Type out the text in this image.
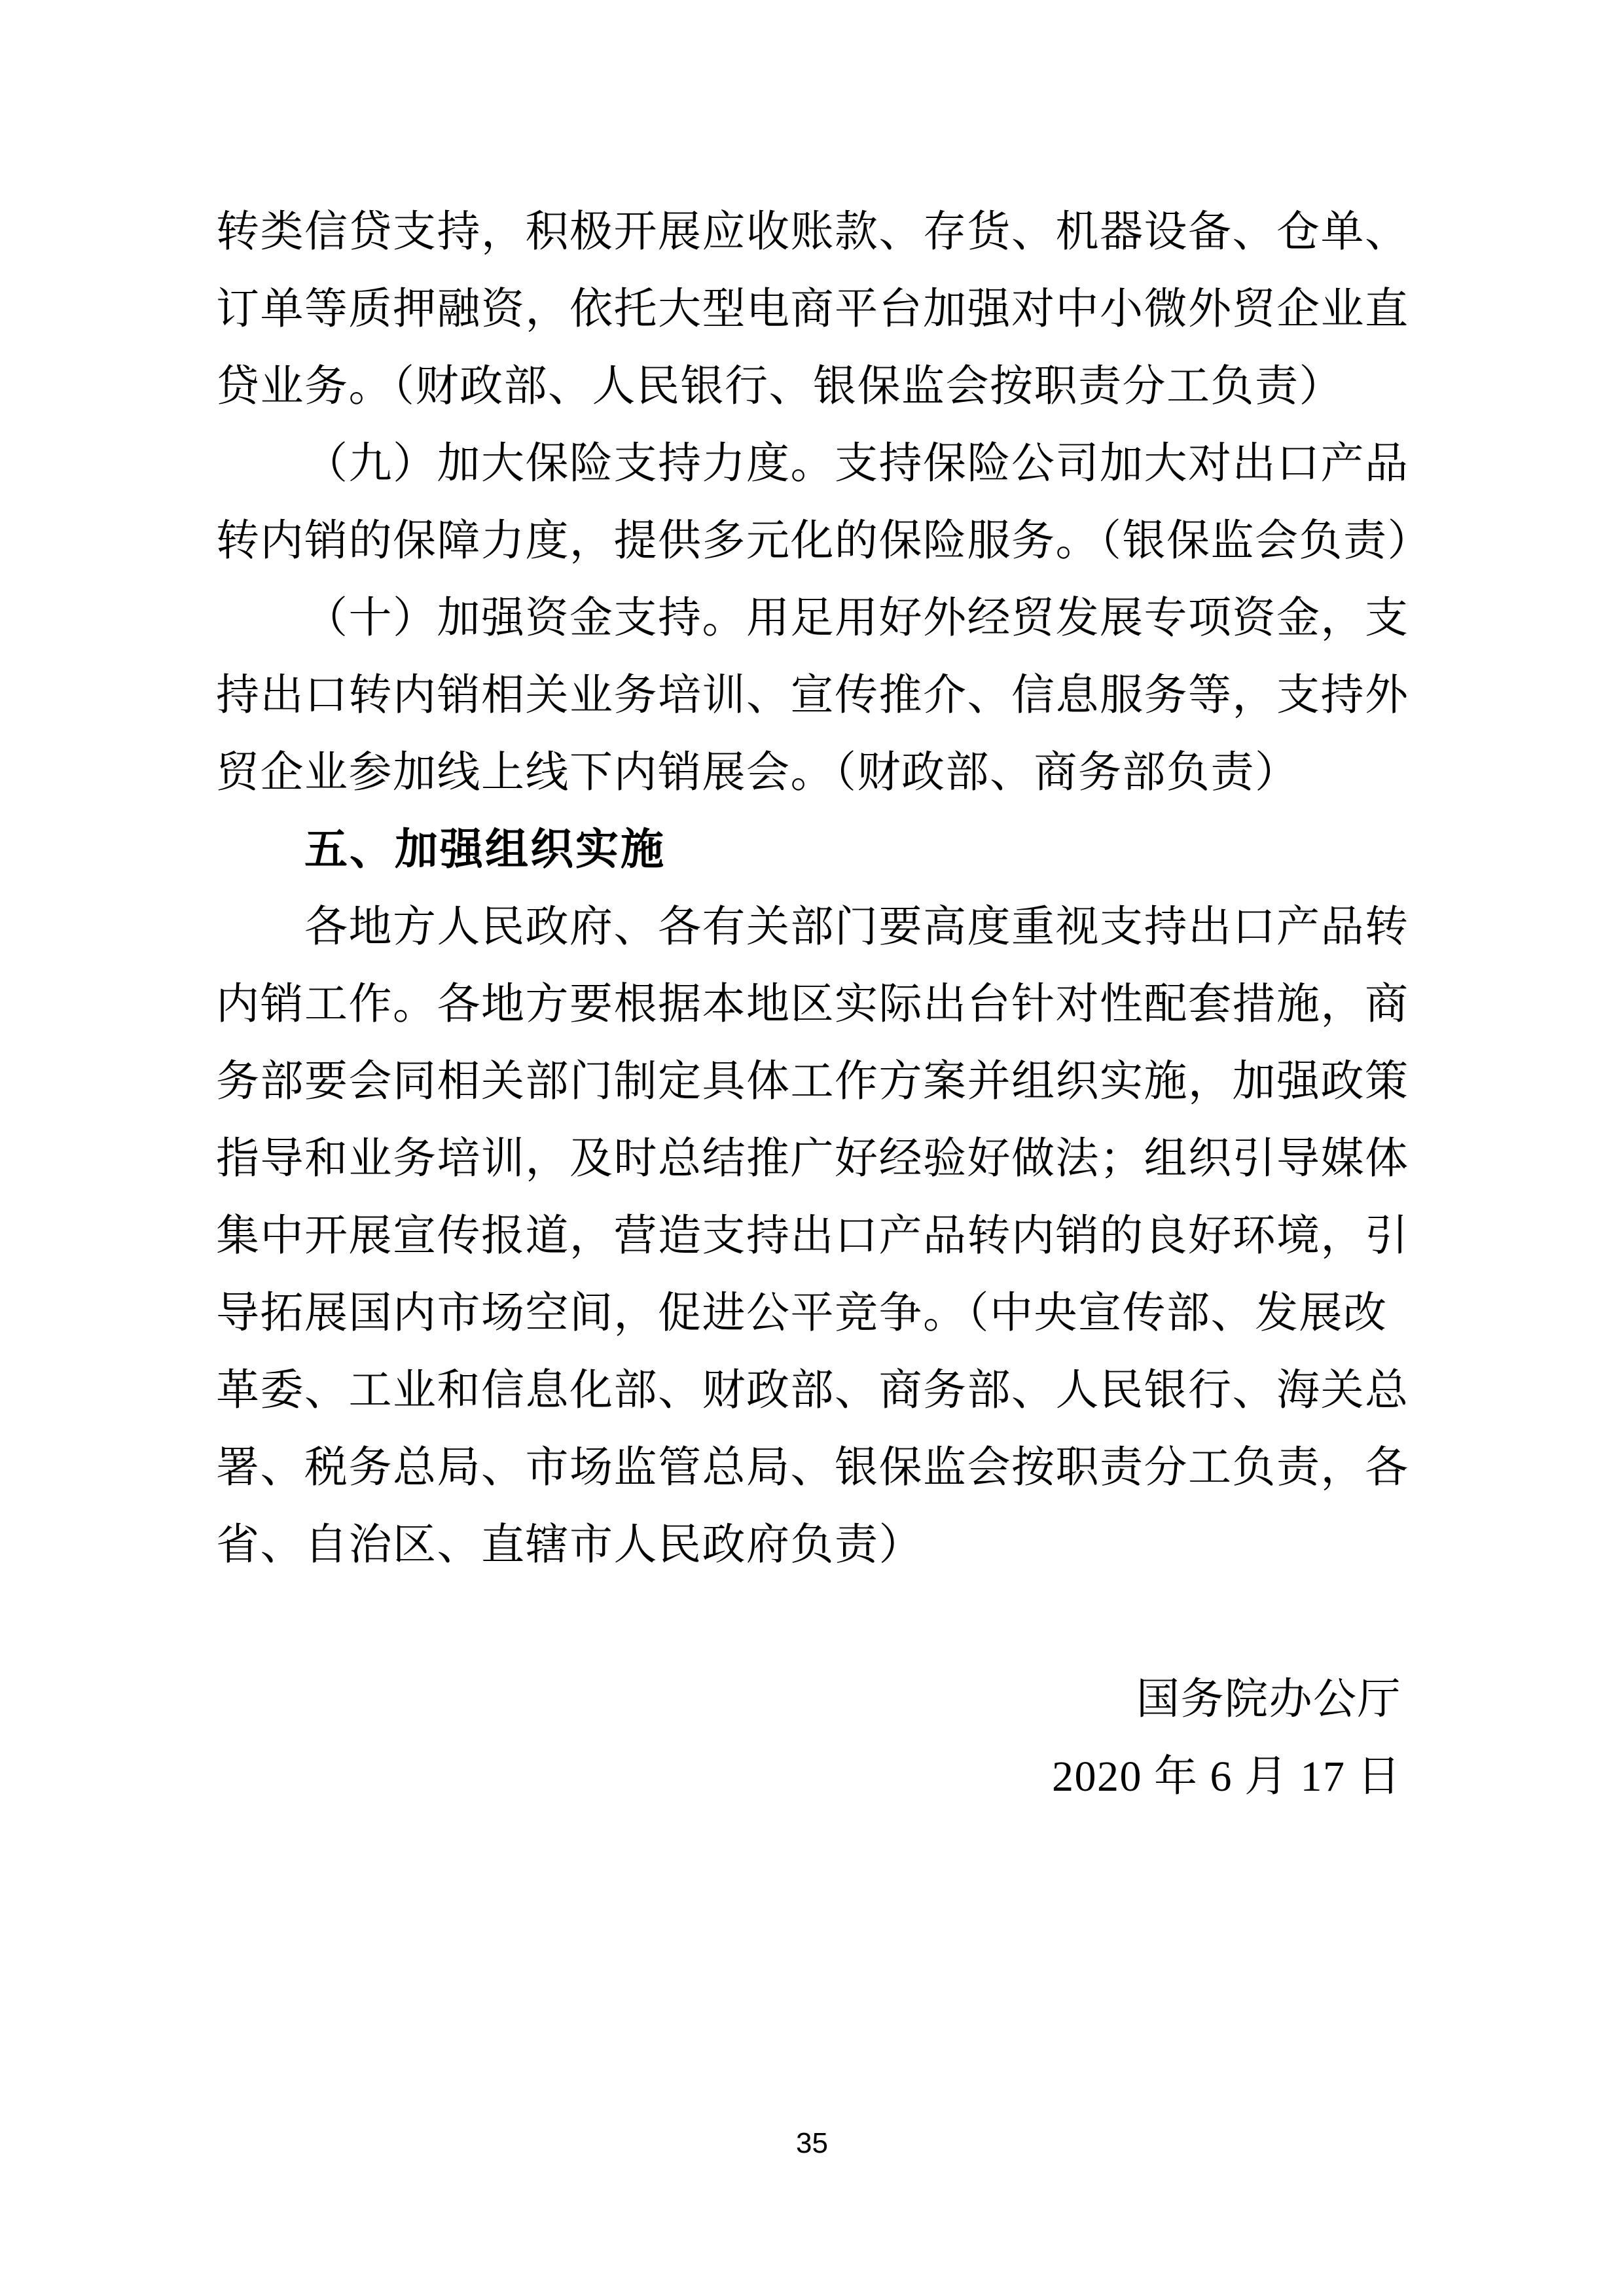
转类信贷支持，积极开展应收账款、存货、机器设备、仓单、
订单等质押融资，依托大型电商平台加强对中小微外贸企业直
贷业务。（财政部、人民银行、银保监会按职责分工负责）
（九）加大保险支持力度。支持保险公司加大对出口产品
转内销的保障力度，提供多元化的保险服务。（银保监会负责）
（十）加强资金支持。用足用好外经贸发展专项资金，支
持出口转内销相关业务培训、宣传推介、信息服务等，支持外
贸企业参加线上线下内销展会。（财政部、商务部负责）
五、加强组织实施
各地方人民政府、各有关部门要高度重视支持出口产品转
内销工作。各地方要根据本地区实际出台针对性配套措施，商
务部要会同相关部门制定具体工作方案并组织实施，加强政策
指导和业务培训，及时总结推广好经验好做法；组织引导媒体
集中开展宣传报道，营造支持出口产品转内销的良好环境，引
导拓展国内市场空间，促进公平竞争。（中央宣传部、发展改
革委、工业和信息化部、财政部、商务部、人民银行、海关总
署、税务总局、市场监管总局、银保监会按职责分工负责，各
省、自治区、直辖市人民政府负责）
国务院办公厅
2020 年 6 月 17 日
35
